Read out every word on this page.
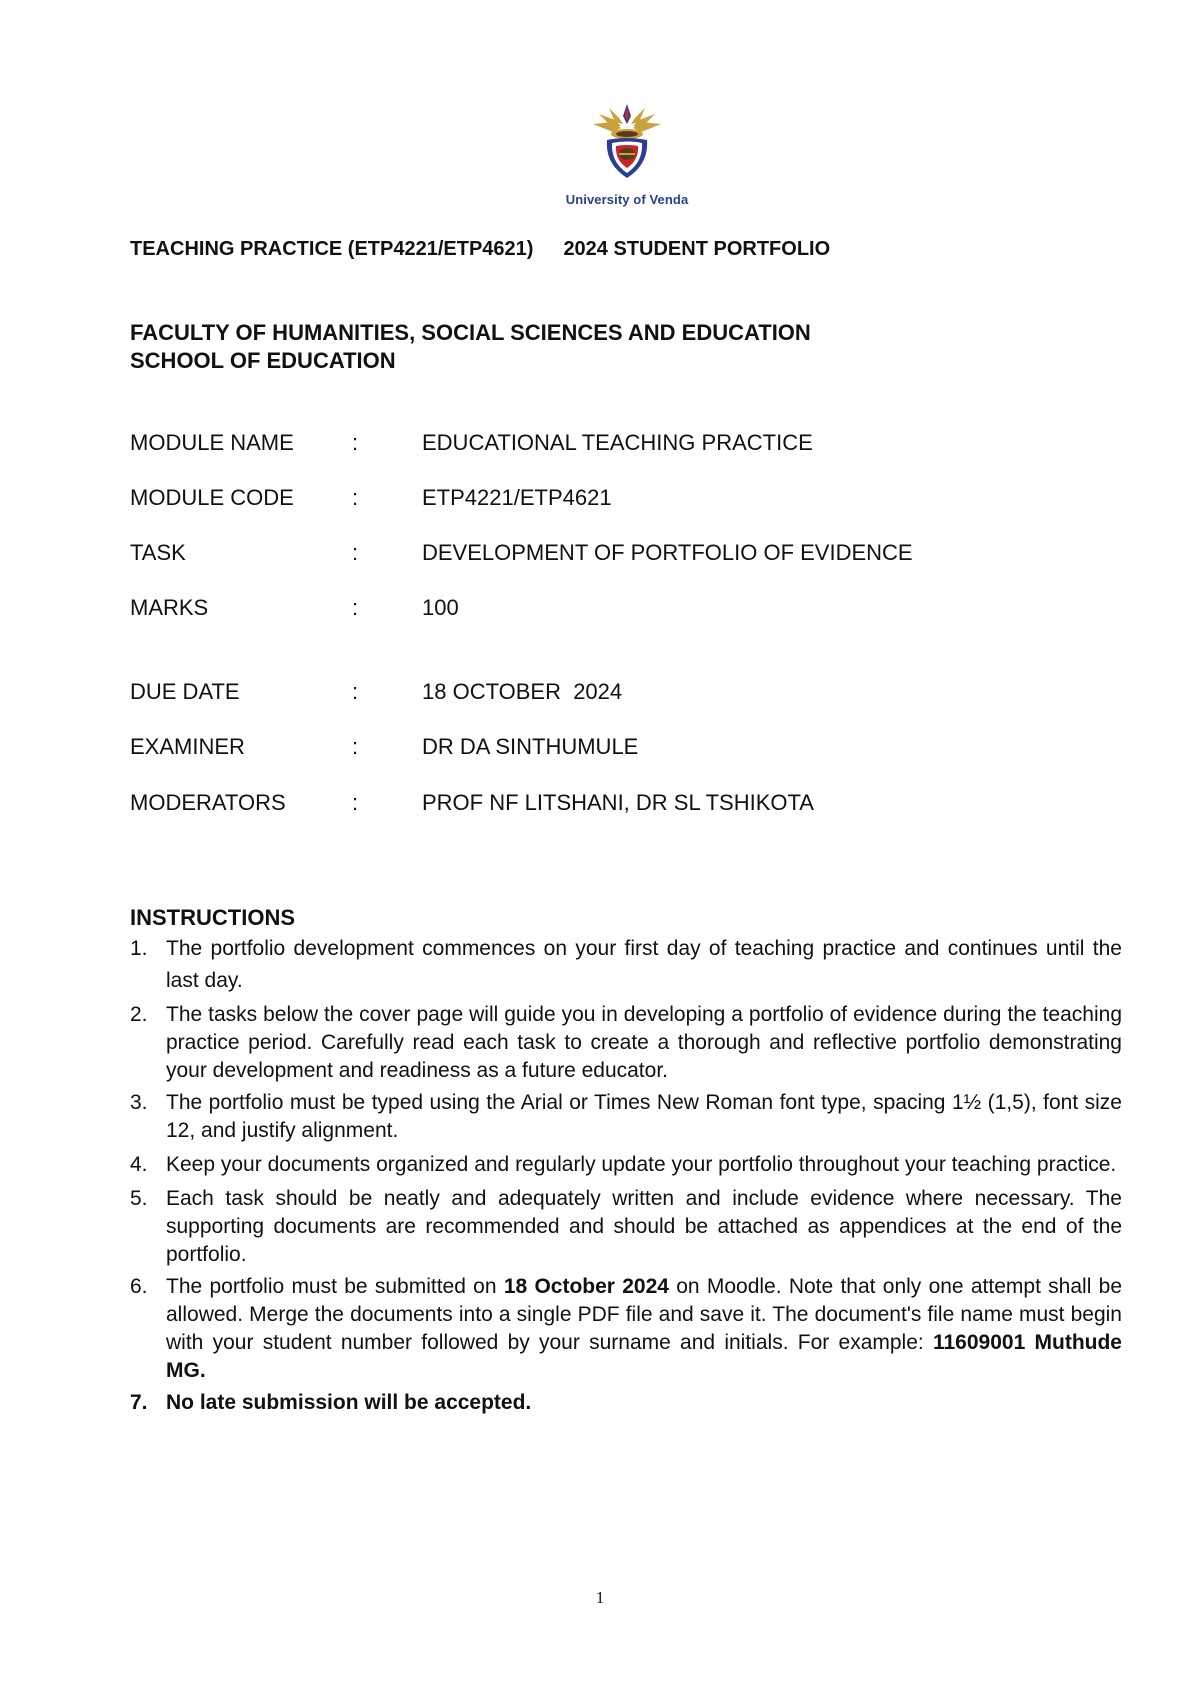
University of Venda
TEACHING PRACTICE (ETP4221/ETP4621) 2024 STUDENT PORTFOLIO
FACULTY OF HUMANITIES, SOCIAL SCIENCES AND EDUCATION
SCHOOL OF EDUCATION
MODULE NAME	:	EDUCATIONAL TEACHING PRACTICE
MODULE CODE	:	ETP4221/ETP4621
TASK	:	DEVELOPMENT OF PORTFOLIO OF EVIDENCE
MARKS	:	100
DUE DATE	:	18 OCTOBER  2024
EXAMINER	:	DR DA SINTHUMULE
MODERATORS	:	PROF NF LITSHANI, DR SL TSHIKOTA
INSTRUCTIONS
1. The portfolio development commences on your first day of teaching practice and continues until the last day.
2. The tasks below the cover page will guide you in developing a portfolio of evidence during the teaching practice period. Carefully read each task to create a thorough and reflective portfolio demonstrating your development and readiness as a future educator.
3. The portfolio must be typed using the Arial or Times New Roman font type, spacing 1½ (1,5), font size 12, and justify alignment.
4. Keep your documents organized and regularly update your portfolio throughout your teaching practice.
5. Each task should be neatly and adequately written and include evidence where necessary. The supporting documents are recommended and should be attached as appendices at the end of the portfolio.
6. The portfolio must be submitted on 18 October 2024 on Moodle. Note that only one attempt shall be allowed. Merge the documents into a single PDF file and save it. The document's file name must begin with your student number followed by your surname and initials. For example: 11609001 Muthude MG.
7. No late submission will be accepted.
1
